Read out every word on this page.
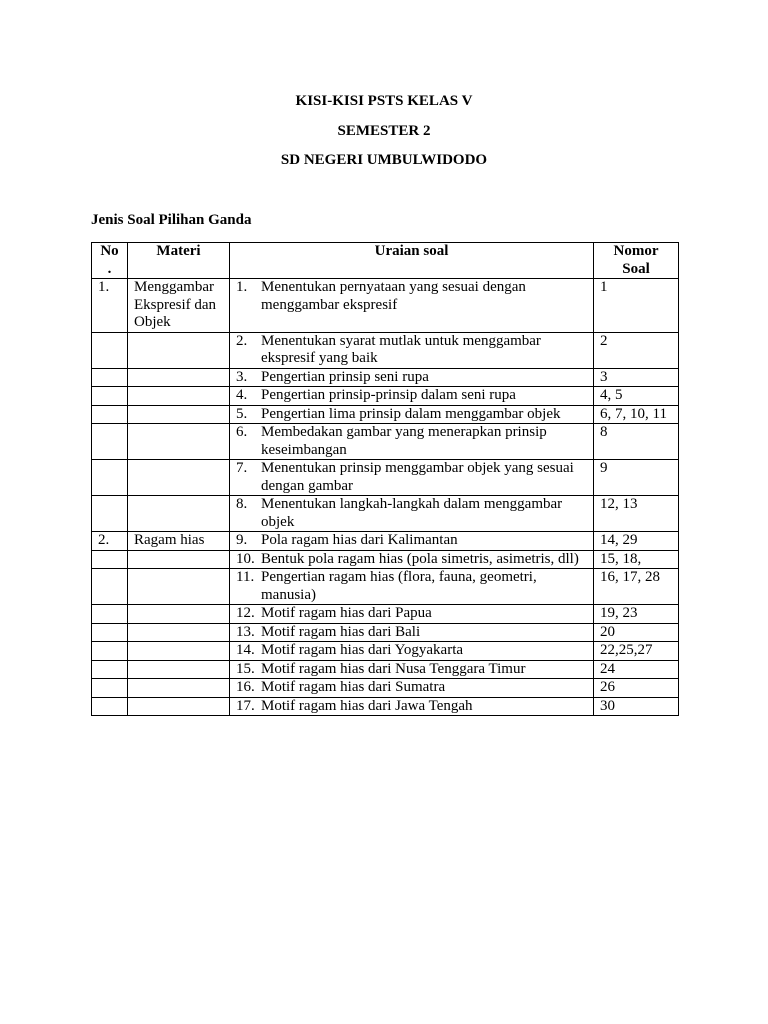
KISI-KISI PSTS KELAS V
SEMESTER 2
SD NEGERI UMBULWIDODO
Jenis Soal Pilihan Ganda
No.	Materi	Uraian soal	Nomor Soal
1.	Menggambar Ekspresif dan Objek	1. Menentukan pernyataan yang sesuai dengan menggambar ekspresif	1

		2. Menentukan syarat mutlak untuk menggambar ekspresif yang baik	2

		3. Pengertian prinsip seni rupa	3

		4. Pengertian prinsip-prinsip dalam seni rupa	4, 5

		5. Pengertian lima prinsip dalam menggambar objek	6, 7, 10, 11

		6. Membedakan gambar yang menerapkan prinsip keseimbangan	8

		7. Menentukan prinsip menggambar objek yang sesuai dengan gambar	9

		8. Menentukan langkah-langkah dalam menggambar objek	12, 13
2.	Ragam hias	9. Pola ragam hias dari Kalimantan	14, 29

		10. Bentuk pola ragam hias (pola simetris, asimetris, dll)	15, 18,

		11. Pengertian ragam hias (flora, fauna, geometri, manusia)	16, 17, 28

		12. Motif ragam hias dari Papua	19, 23

		13. Motif ragam hias dari Bali	20

		14. Motif ragam hias dari Yogyakarta	22,25,27

		15. Motif ragam hias dari Nusa Tenggara Timur	24

		16. Motif ragam hias dari Sumatra	26

		17. Motif ragam hias dari Jawa Tengah	30
